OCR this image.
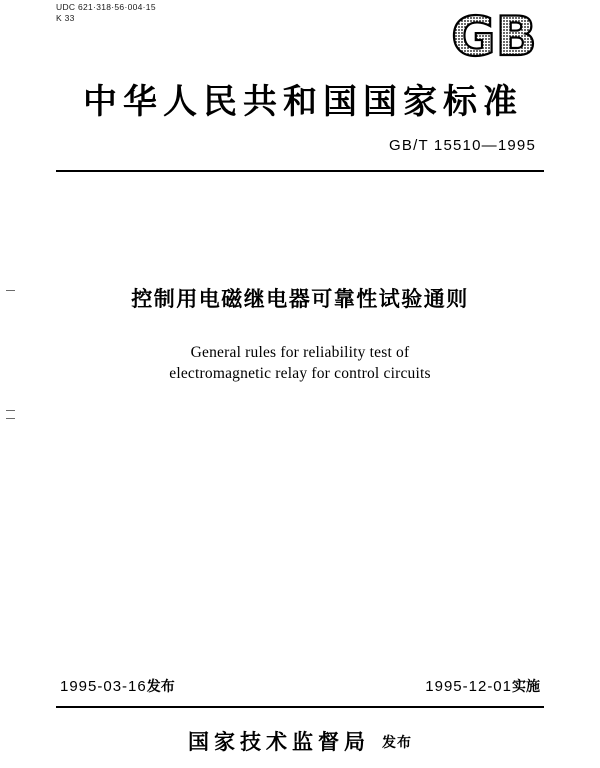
UDC 621·318·56·004·15
K 33	GB
中华人民共和国国家标准
GB/T 15510—1995
控制用电磁继电器可靠性试验通则
General rules for reliability test of
electromagnetic relay for control circuits
1995-03-16发布	1995-12-01实施
国家技术监督局 发布
